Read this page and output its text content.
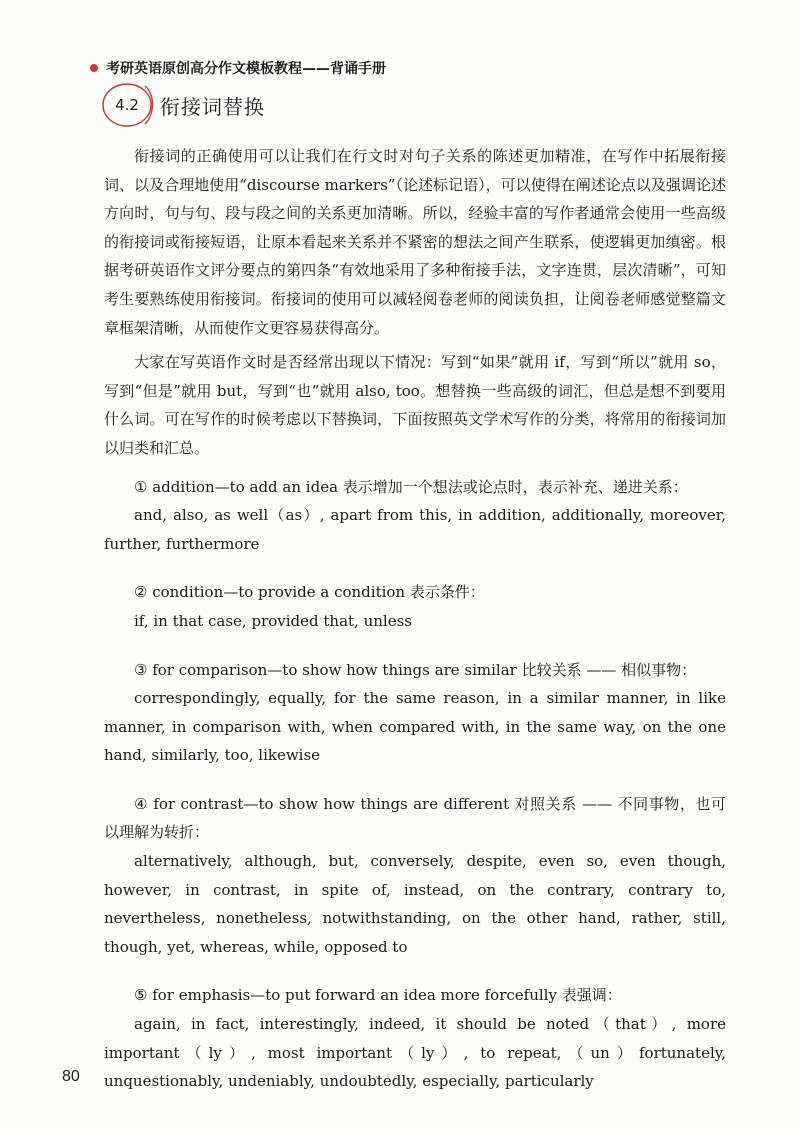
考研英语原创高分作文模板教程——背诵手册
4.2 衔接词替换

衔接词的正确使用可以让我们在行文时对句子关系的陈述更加精准，在写作中拓展衔接词、以及合理地使用“discourse markers”（论述标记语），可以使得在阐述论点以及强调论述方向时，句与句、段与段之间的关系更加清晰。所以，经验丰富的写作者通常会使用一些高级的衔接词或衔接短语，让原本看起来关系并不紧密的想法之间产生联系，使逻辑更加缜密。根据考研英语作文评分要点的第四条“有效地采用了多种衔接手法，文字连贯，层次清晰”，可知考生要熟练使用衔接词。衔接词的使用可以减轻阅卷老师的阅读负担，让阅卷老师感觉整篇文章框架清晰，从而使作文更容易获得高分。

大家在写英语作文时是否经常出现以下情况：写到“如果”就用 if，写到“所以”就用 so，写到“但是”就用 but，写到“也”就用 also, too。想替换一些高级的词汇，但总是想不到要用什么词。可在写作的时候考虑以下替换词，下面按照英文学术写作的分类，将常用的衔接词加以归类和汇总。

① addition—to add an idea 表示增加一个想法或论点时，表示补充、递进关系：

and, also, as well（as）, apart from this, in addition, additionally, moreover, further, furthermore

② condition—to provide a condition 表示条件：

if, in that case, provided that, unless

③ for comparison—to show how things are similar 比较关系 —— 相似事物：

correspondingly, equally, for the same reason, in a similar manner, in like manner, in comparison with, when compared with, in the same way, on the one hand, similarly, too, likewise

④ for contrast—to show how things are different 对照关系 —— 不同事物，也可以理解为转折：

alternatively, although, but, conversely, despite, even so, even though, however, in contrast, in spite of, instead, on the contrary, contrary to, nevertheless, nonetheless, notwithstanding, on the other hand, rather, still, though, yet, whereas, while, opposed to

⑤ for emphasis—to put forward an idea more forcefully 表强调：

again, in fact, interestingly, indeed, it should be noted（that）, more important（ly）, most important（ly）, to repeat,（un）fortunately, unquestionably, undeniably, undoubtedly, especially, particularly

80
